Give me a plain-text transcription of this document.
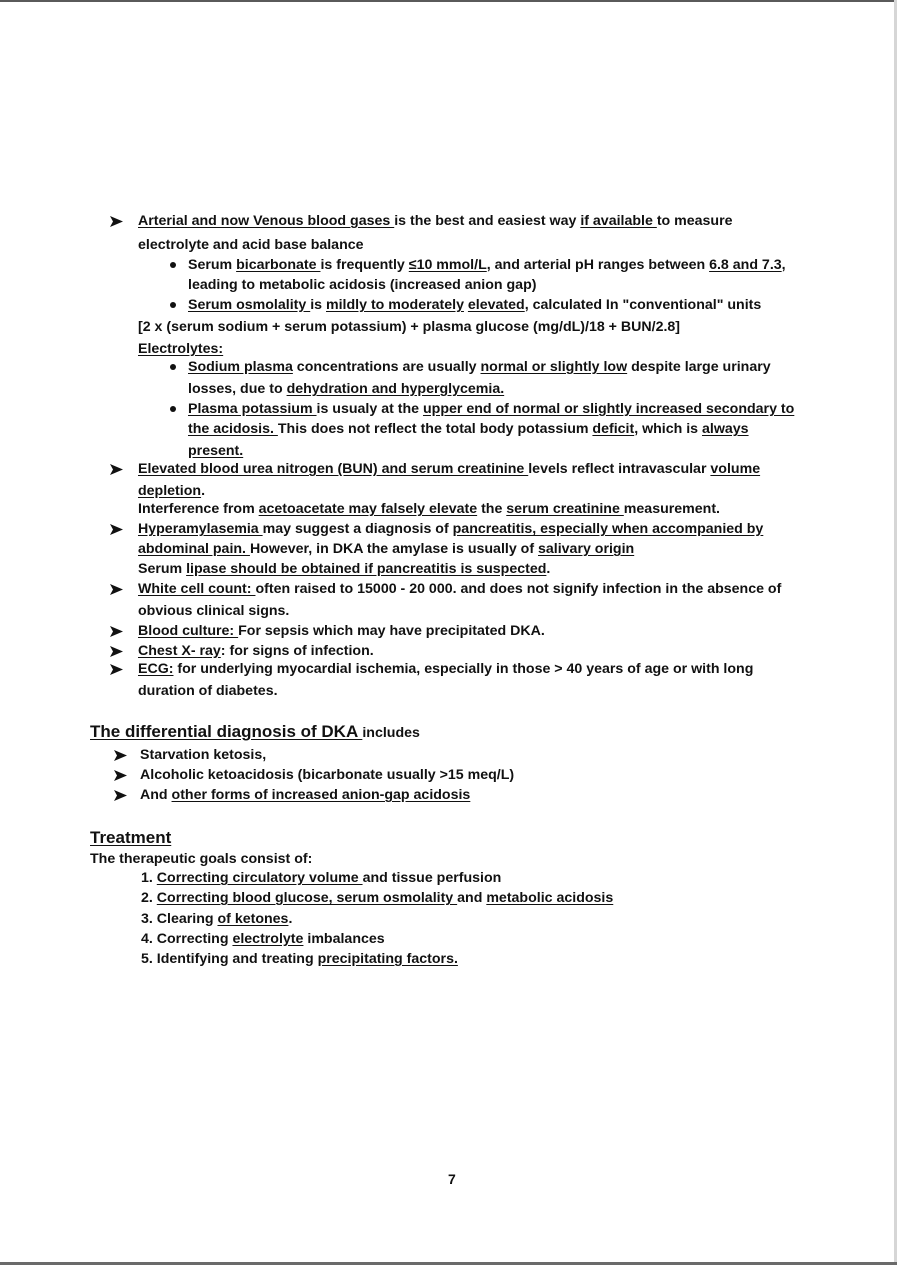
Arterial and now Venous blood gases is the best and easiest way if available to measure
electrolyte and acid base balance
Serum bicarbonate is frequently ≤10 mmol/L, and arterial pH ranges between 6.8 and 7.3,
leading to metabolic acidosis (increased anion gap)
Serum osmolality is mildly to moderately elevated, calculated In "conventional" units
[2 x (serum sodium + serum potassium) + plasma glucose (mg/dL)/18 + BUN/2.8]
Electrolytes:
Sodium plasma concentrations are usually normal or slightly low despite large urinary
losses, due to dehydration and hyperglycemia.
Plasma potassium is usualy at the upper end of normal or slightly increased secondary to
the acidosis. This does not reflect the total body potassium deficit, which is always
present.
Elevated blood urea nitrogen (BUN) and serum creatinine levels reflect intravascular volume
depletion.
Interference from acetoacetate may falsely elevate the serum creatinine measurement.
Hyperamylasemia may suggest a diagnosis of pancreatitis, especially when accompanied by
abdominal pain. However, in DKA the amylase is usually of salivary origin
Serum lipase should be obtained if pancreatitis is suspected.
White cell count: often raised to 15000 - 20 000. and does not signify infection in the absence of
obvious clinical signs.
Blood culture: For sepsis which may have precipitated DKA.
Chest X- ray: for signs of infection.
ECG: for underlying myocardial ischemia, especially in those > 40 years of age or with long
duration of diabetes.
The differential diagnosis of DKA includes
Starvation ketosis,
Alcoholic ketoacidosis (bicarbonate usually >15 meq/L)
And other forms of increased anion-gap acidosis
Treatment
The therapeutic goals consist of:
1. Correcting circulatory volume and tissue perfusion
2. Correcting blood glucose, serum osmolality and metabolic acidosis
3. Clearing of ketones.
4. Correcting electrolyte imbalances
5. Identifying and treating precipitating factors.
7
